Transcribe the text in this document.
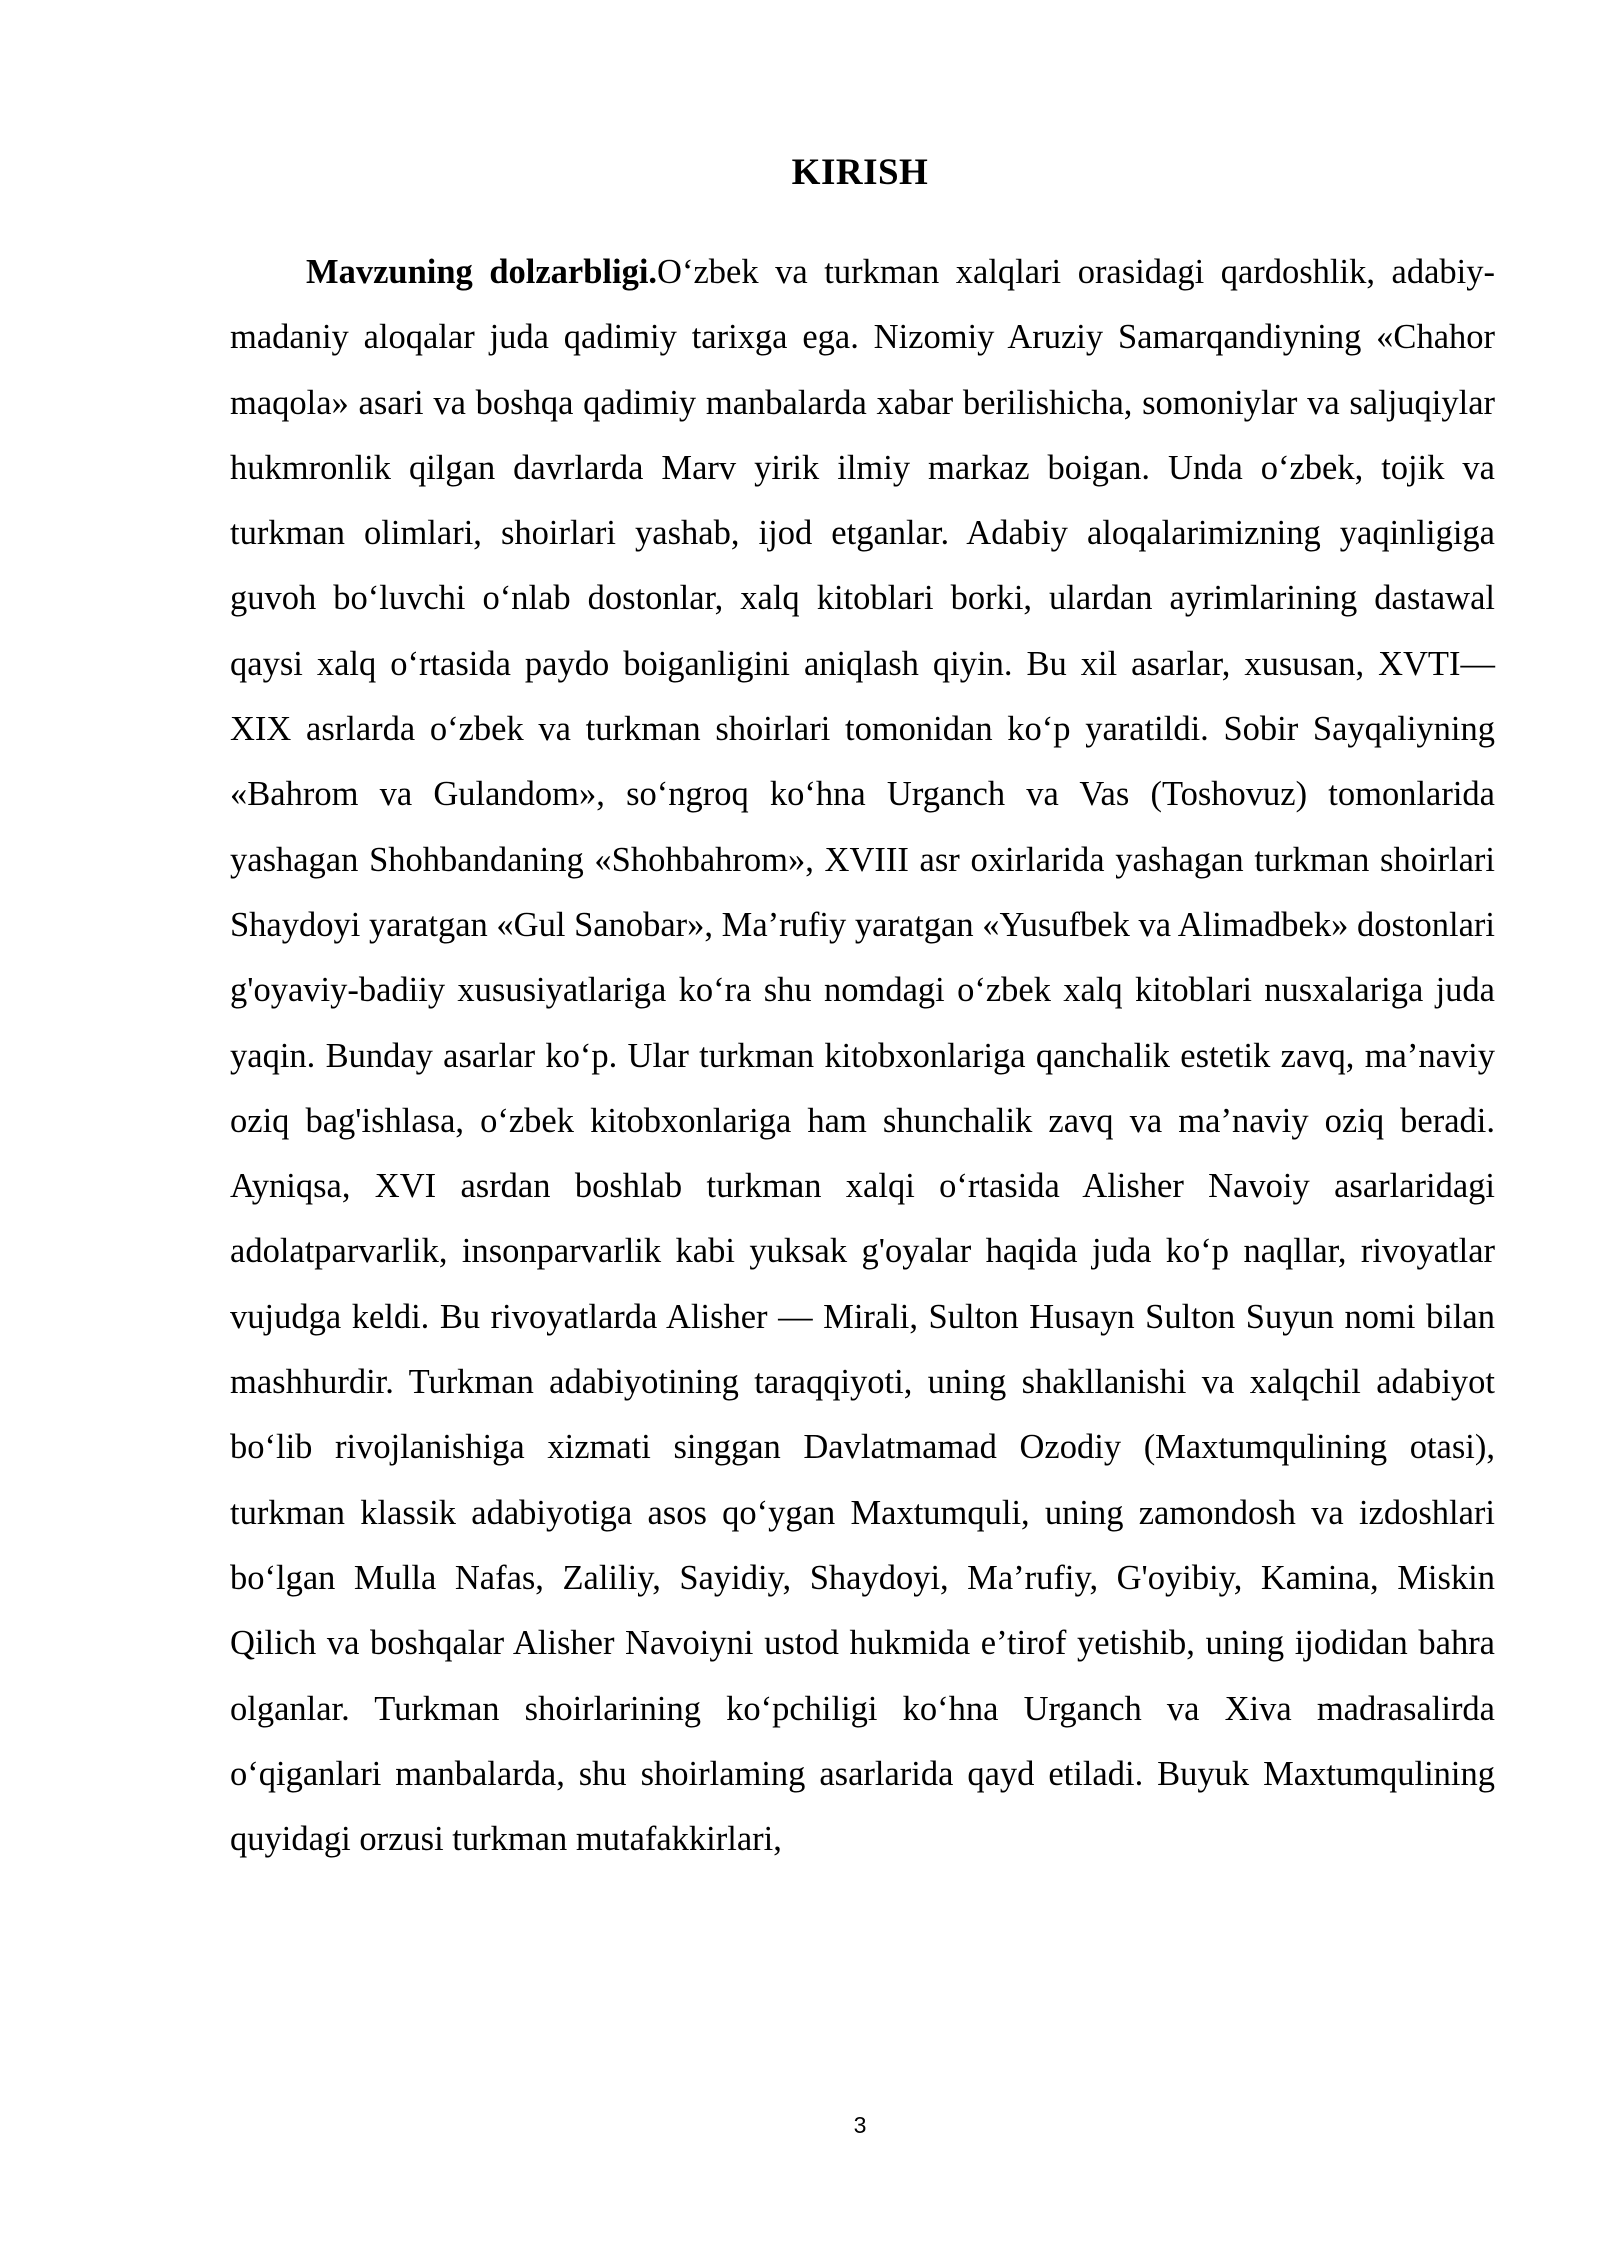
KIRISH

Mavzuning dolzarbligi.O‘zbek va turkman xalqlari orasidagi qardoshlik, adabiy-madaniy aloqalar juda qadimiy tarixga ega. Nizomiy Aruziy Samarqandiyning «Chahor maqola» asari va boshqa qadimiy manbalarda xabar berilishicha, somoniylar va saljuqiylar hukmronlik qilgan davrlarda Marv yirik ilmiy markaz boigan. Unda o‘zbek, tojik va turkman olimlari, shoirlari yashab, ijod etganlar. Adabiy aloqalarimizning yaqinligiga guvoh bo‘luvchi o‘nlab dostonlar, xalq kitoblari borki, ulardan ayrimlarining dastawal qaysi xalq o‘rtasida paydo boiganligini aniqlash qiyin. Bu xil asarlar, xususan, XVTI—XIX asrlarda o‘zbek va turkman shoirlari tomonidan ko‘p yaratildi. Sobir Sayqaliyning «Bahrom va Gulandom», so‘ngroq ko‘hna Urganch va Vas (Toshovuz) tomonlarida yashagan Shohbandaning «Shohbahrom», XVIII asr oxirlarida yashagan turkman shoirlari Shaydoyi yaratgan «Gul Sanobar», Ma’rufiy yaratgan «Yusufbek va Alimadbek» dostonlari g'oyaviy-badiiy xususiyatlariga ko‘ra shu nomdagi o‘zbek xalq kitoblari nusxalariga juda yaqin. Bunday asarlar ko‘p. Ular turkman kitobxonlariga qanchalik estetik zavq, ma’naviy oziq bag'ishlasa, o‘zbek kitobxonlariga ham shunchalik zavq va ma’naviy oziq beradi. Ayniqsa, XVI asrdan boshlab turkman xalqi o‘rtasida Alisher Navoiy asarlaridagi adolatparvarlik, insonparvarlik kabi yuksak g'oyalar haqida juda ko‘p naqllar, rivoyatlar vujudga keldi. Bu rivoyatlarda Alisher — Mirali, Sulton Husayn Sulton Suyun nomi bilan mashhurdir. Turkman adabiyotining taraqqiyoti, uning shakllanishi va xalqchil adabiyot bo‘lib rivojlanishiga xizmati singgan Davlatmamad Ozodiy (Maxtumqulining otasi), turkman klassik adabiyotiga asos qo‘ygan Maxtumquli, uning zamondosh va izdoshlari bo‘lgan Mulla Nafas, Zaliliy, Sayidiy, Shaydoyi, Ma’rufiy, G'oyibiy, Kamina, Miskin Qilich va boshqalar Alisher Navoiyni ustod hukmida e’tirof yetishib, uning ijodidan bahra olganlar. Turkman shoirlarining ko‘pchiligi ko‘hna Urganch va Xiva madrasalirda o‘qiganlari manbalarda, shu shoirlaming asarlarida qayd etiladi. Buyuk Maxtumqulining quyidagi orzusi turkman mutafakkirlari,

3
